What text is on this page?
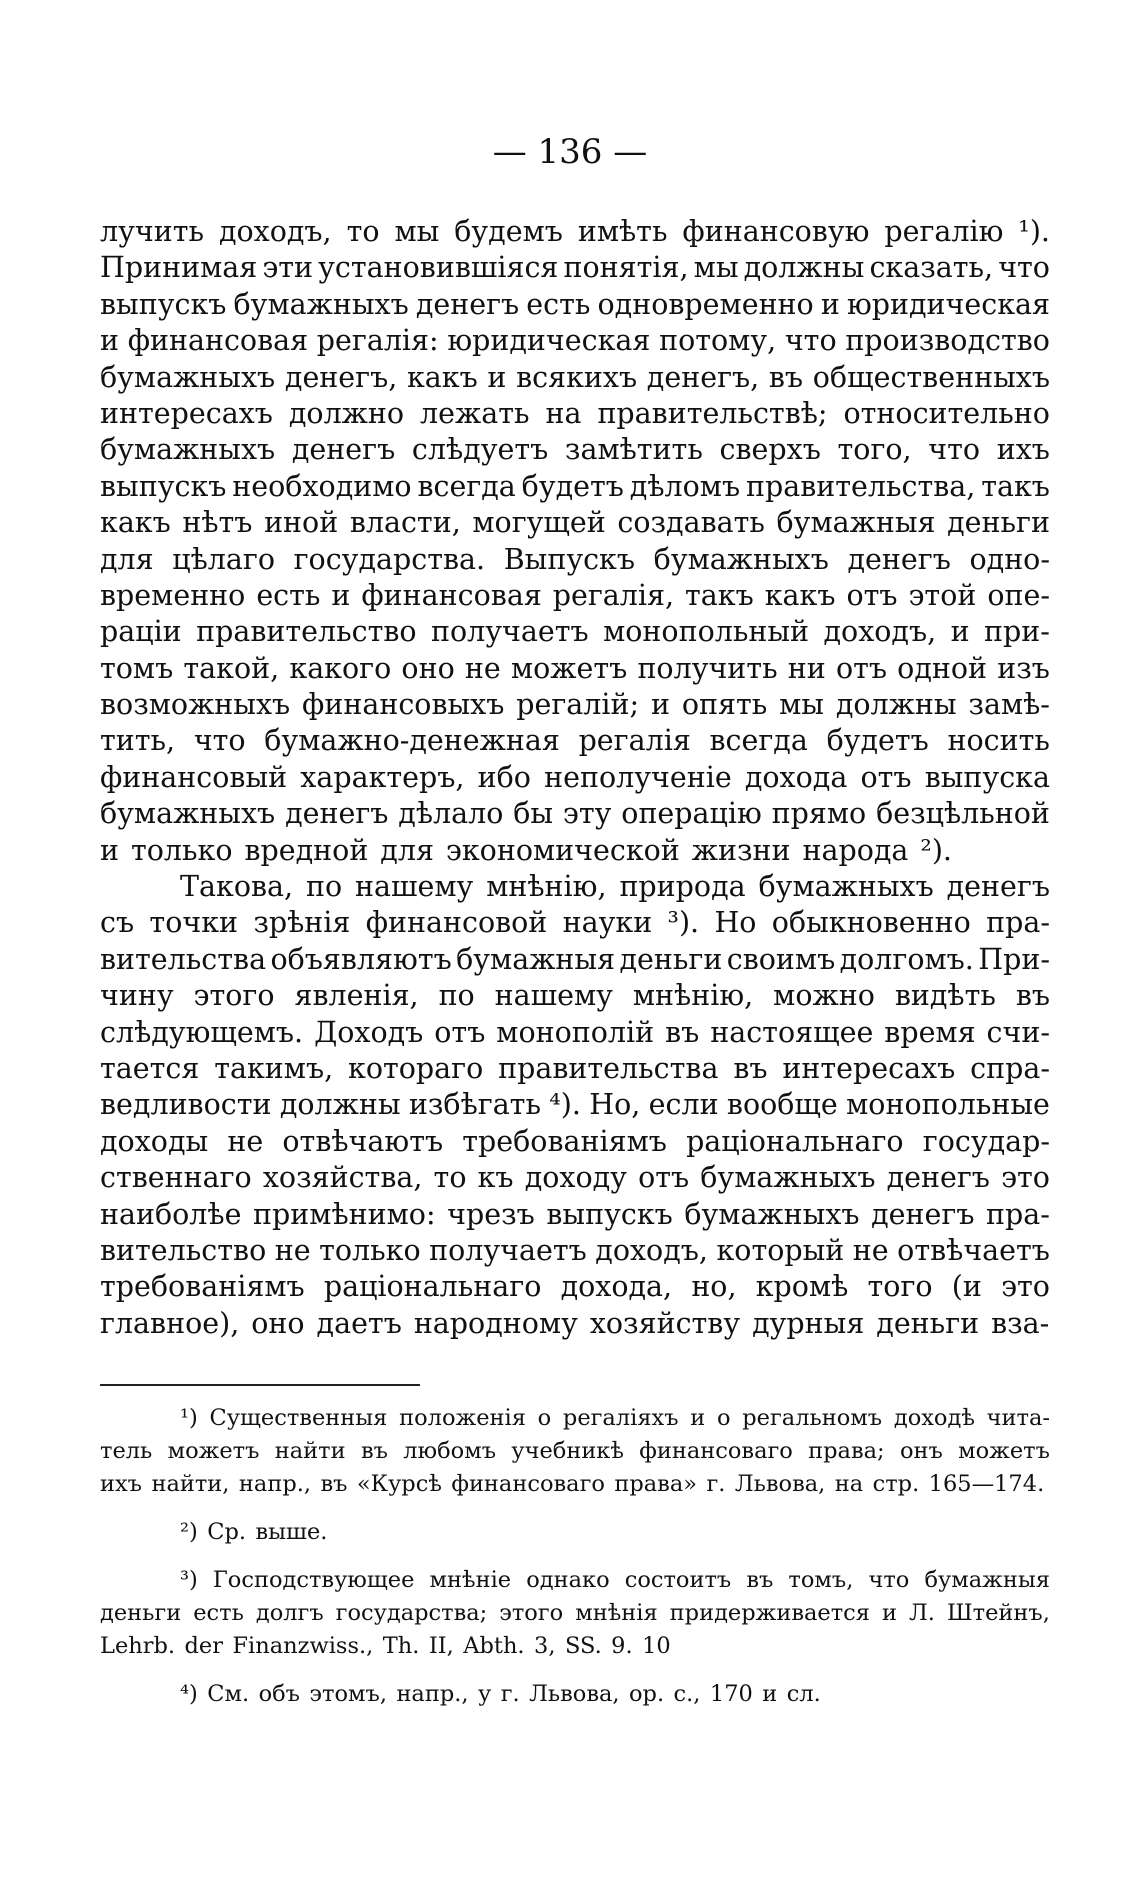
— 136 —
лучить доходъ, то мы будемъ имѣть финансовую регалію ¹).
Принимая эти установившіяся понятія, мы должны сказать, что
выпускъ бумажныхъ денегъ есть одновременно и юридическая
и финансовая регалія: юридическая потому, что производство
бумажныхъ денегъ, какъ и всякихъ денегъ, въ общественныхъ
интересахъ должно лежать на правительствѣ; относительно
бумажныхъ денегъ слѣдуетъ замѣтить сверхъ того, что ихъ
выпускъ необходимо всегда будетъ дѣломъ правительства, такъ
какъ нѣтъ иной власти, могущей создавать бумажныя деньги
для цѣлаго государства. Выпускъ бумажныхъ денегъ одно-
временно есть и финансовая регалія, такъ какъ отъ этой опе-
раціи правительство получаетъ монопольный доходъ, и при-
томъ такой, какого оно не можетъ получить ни отъ одной изъ
возможныхъ финансовыхъ регалій; и опять мы должны замѣ-
тить, что бумажно-денежная регалія всегда будетъ носить
финансовый характеръ, ибо неполученіе дохода отъ выпуска
бумажныхъ денегъ дѣлало бы эту операцію прямо безцѣльной
и только вредной для экономической жизни народа ²).
Такова, по нашему мнѣнію, природа бумажныхъ денегъ
съ точки зрѣнія финансовой науки ³). Но обыкновенно пра-
вительства объявляютъ бумажныя деньги своимъ долгомъ. При-
чину этого явленія, по нашему мнѣнію, можно видѣть въ
слѣдующемъ. Доходъ отъ монополій въ настоящее время счи-
тается такимъ, котораго правительства въ интересахъ спра-
ведливости должны избѣгать ⁴). Но, если вообще монопольные
доходы не отвѣчаютъ требованіямъ раціональнаго государ-
ственнаго хозяйства, то къ доходу отъ бумажныхъ денегъ это
наиболѣе примѣнимо: чрезъ выпускъ бумажныхъ денегъ пра-
вительство не только получаетъ доходъ, который не отвѣчаетъ
требованіямъ раціональнаго дохода, но, кромѣ того (и это
главное), оно даетъ народному хозяйству дурныя деньги вза-
¹) Существенныя положенія о регаліяхъ и о регальномъ доходѣ чита-
тель можетъ найти въ любомъ учебникѣ финансоваго права; онъ можетъ
ихъ найти, напр., въ «Курсѣ финансоваго права» г. Львова, на стр. 165—174.
²) Ср. выше.
³) Господствующее мнѣніе однако состоитъ въ томъ, что бумажныя
деньги есть долгъ государства; этого мнѣнія придерживается и Л. Штейнъ,
Lehrb. der Finanzwiss., Th. II, Abth. 3, SS. 9. 10
⁴) См. объ этомъ, напр., у г. Львова, op. c., 170 и сл.
